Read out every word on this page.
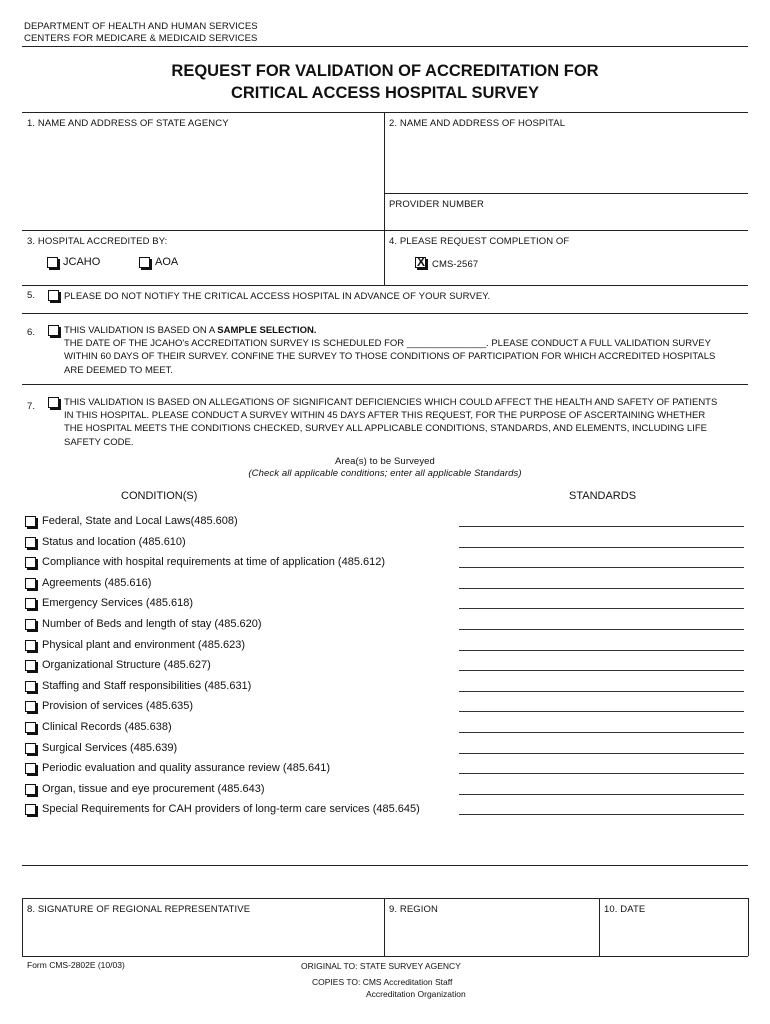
DEPARTMENT OF HEALTH AND HUMAN SERVICES
CENTERS FOR MEDICARE & MEDICAID SERVICES
REQUEST FOR VALIDATION OF ACCREDITATION FOR
CRITICAL ACCESS HOSPITAL SURVEY
1. NAME AND ADDRESS OF STATE AGENCY	2. NAME AND ADDRESS OF HOSPITAL
PROVIDER NUMBER
3. HOSPITAL ACCREDITED BY:	4. PLEASE REQUEST COMPLETION OF
JCAHO	AOA
X	CMS-2567
5.	PLEASE DO NOT NOTIFY THE CRITICAL ACCESS HOSPITAL IN ADVANCE OF YOUR SURVEY.
6.	THIS VALIDATION IS BASED ON A SAMPLE SELECTION.
THE DATE OF THE JCAHO's ACCREDITATION SURVEY IS SCHEDULED FOR _______________. PLEASE CONDUCT A FULL VALIDATION SURVEY
WITHIN 60 DAYS OF THEIR SURVEY. CONFINE THE SURVEY TO THOSE CONDITIONS OF PARTICIPATION FOR WHICH ACCREDITED HOSPITALS
ARE DEEMED TO MEET.
7.	THIS VALIDATION IS BASED ON ALLEGATIONS OF SIGNIFICANT DEFICIENCIES WHICH COULD AFFECT THE HEALTH AND SAFETY OF PATIENTS
IN THIS HOSPITAL. PLEASE CONDUCT A SURVEY WITHIN 45 DAYS AFTER THIS REQUEST, FOR THE PURPOSE OF ASCERTAINING WHETHER
THE HOSPITAL MEETS THE CONDITIONS CHECKED, SURVEY ALL APPLICABLE CONDITIONS, STANDARDS, AND ELEMENTS, INCLUDING LIFE
SAFETY CODE.
Area(s) to be Surveyed
(Check all applicable conditions; enter all applicable Standards)
CONDITION(S)	STANDARDS
Federal, State and Local Laws(485.608)
Status and location (485.610)
Compliance with hospital requirements at time of application (485.612)
Agreements (485.616)
Emergency Services (485.618)
Number of Beds and length of stay (485.620)
Physical plant and environment (485.623)
Organizational Structure (485.627)
Staffing and Staff responsibilities (485.631)
Provision of services (485.635)
Clinical Records (485.638)
Surgical Services (485.639)
Periodic evaluation and quality assurance review (485.641)
Organ, tissue and eye procurement (485.643)
Special Requirements for CAH providers of long-term care services (485.645)
8. SIGNATURE OF REGIONAL REPRESENTATIVE	9. REGION	10. DATE
Form CMS-2802E (10/03)	ORIGINAL TO: STATE SURVEY AGENCY
COPIES TO: CMS Accreditation Staff
Accreditation Organization
